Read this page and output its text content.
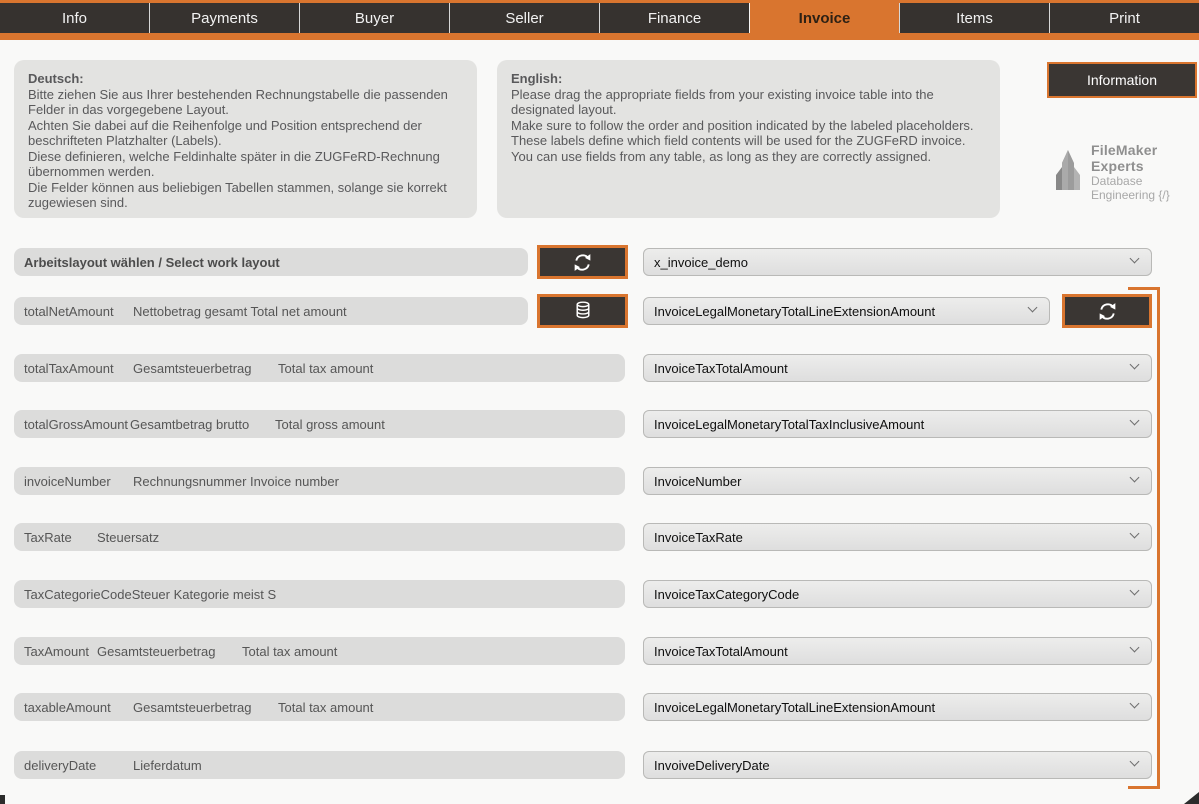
Info	Payments	Buyer	Seller	Finance	Invoice	Items	Print
Deutsch:
Bitte ziehen Sie aus Ihrer bestehenden Rechnungstabelle die passenden Felder in das vorgegebene Layout.
Achten Sie dabei auf die Reihenfolge und Position entsprechend der beschrifteten Platzhalter (Labels).
Diese definieren, welche Feldinhalte später in die ZUGFeRD-Rechnung übernommen werden.
Die Felder können aus beliebigen Tabellen stammen, solange sie korrekt zugewiesen sind.
English:
Please drag the appropriate fields from your existing invoice table into the designated layout.
Make sure to follow the order and position indicated by the labeled placeholders.
These labels define which field contents will be used for the ZUGFeRD invoice.
You can use fields from any table, as long as they are correctly assigned.
Information
FileMaker Experts
Database Engineering {/}
Arbeitslayout wählen / Select work layout	x_invoice_demo
totalNetAmount	Nettobetrag gesamt Total net amount	InvoiceLegalMonetaryTotalLineExtensionAmount
totalTaxAmount	Gesamtsteuerbetrag	Total tax amount	InvoiceTaxTotalAmount
totalGrossAmount Gesamtbetrag brutto	Total gross amount	InvoiceLegalMonetaryTotalTaxInclusiveAmount
invoiceNumber	Rechnungsnummer Invoice number	InvoiceNumber
TaxRate	Steuersatz	InvoiceTaxRate
TaxCategorieCode Steuer Kategorie meist S	InvoiceTaxCategoryCode
TaxAmount Gesamtsteuerbetrag	Total tax amount	InvoiceTaxTotalAmount
taxableAmount	Gesamtsteuerbetrag	Total tax amount	InvoiceLegalMonetaryTotalLineExtensionAmount
deliveryDate	Lieferdatum	InvoiveDeliveryDate
